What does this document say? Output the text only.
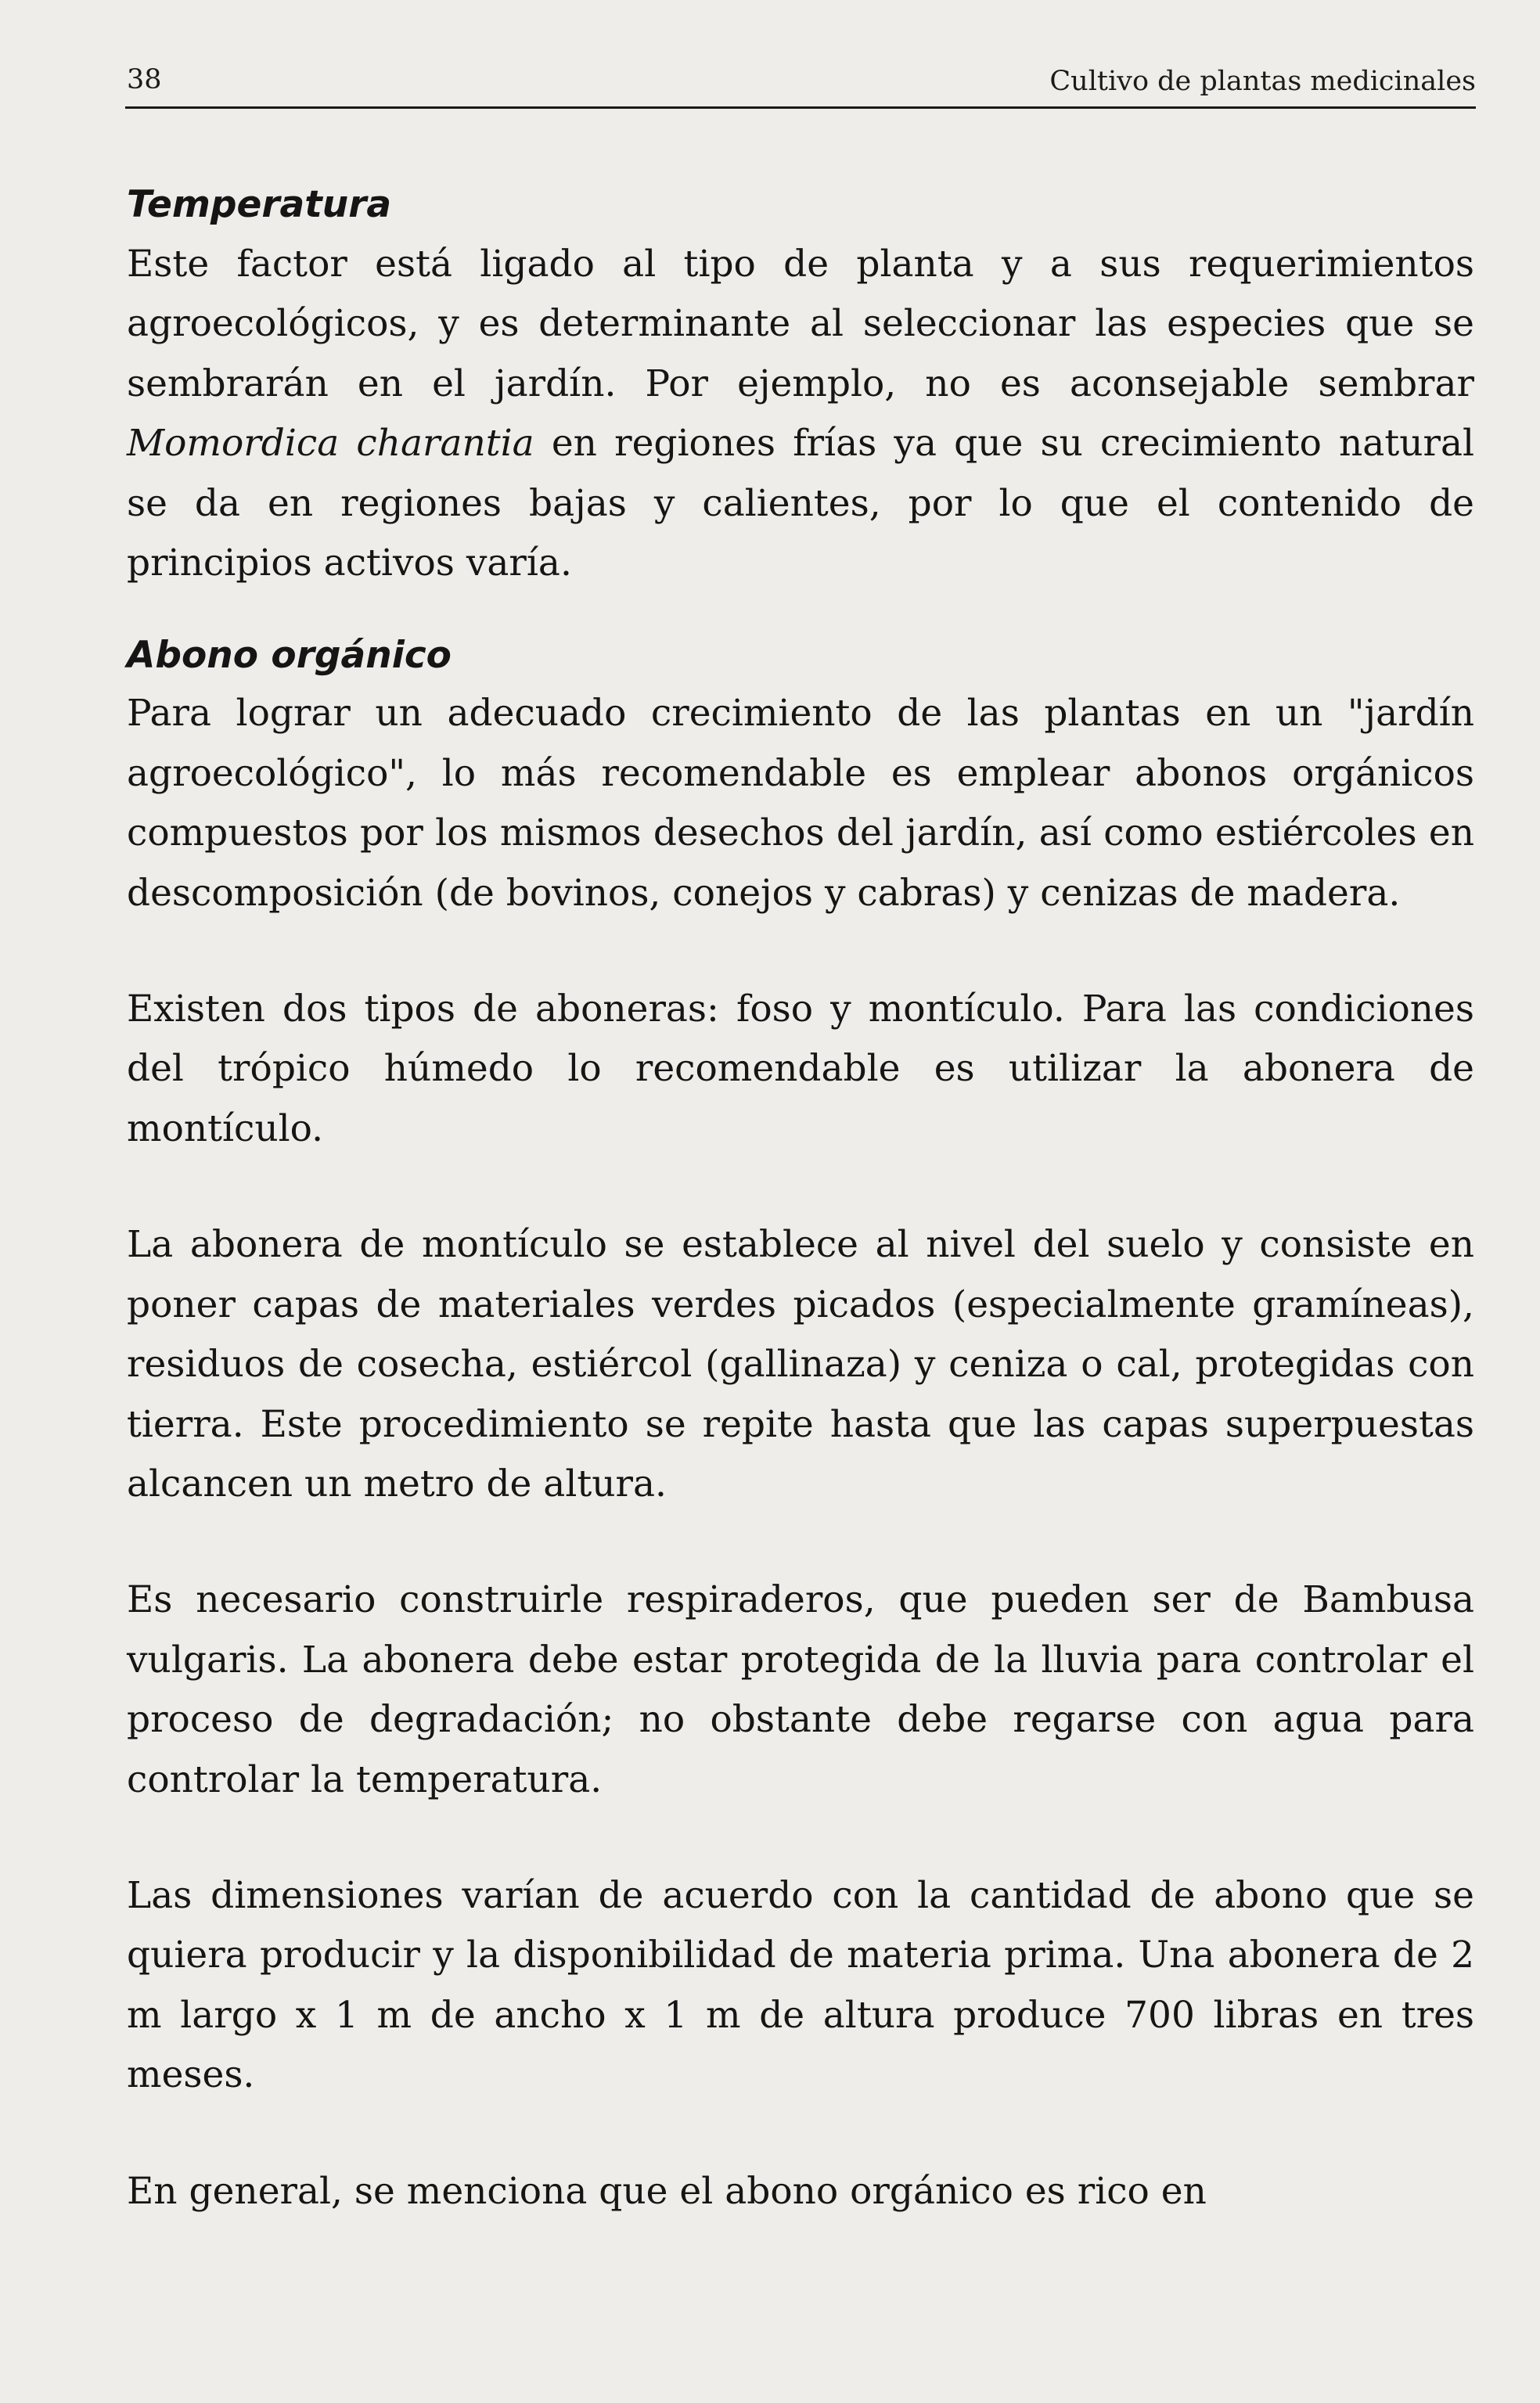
38	Cultivo de plantas medicinales
Temperatura

Este factor está ligado al tipo de planta y a sus requerimientos agroecológicos, y es determinante al seleccionar las especies que se sembrarán en el jardín. Por ejemplo, no es aconsejable sembrar Momordica charantia en regiones frías ya que su crecimiento natural se da en regiones bajas y calientes, por lo que el contenido de principios activos varía.

Abono orgánico

Para lograr un adecuado crecimiento de las plantas en un "jardín agroecológico", lo más recomendable es emplear abonos orgánicos compuestos por los mismos desechos del jardín, así como estiércoles en descomposición (de bovinos, conejos y cabras) y cenizas de madera.

Existen dos tipos de aboneras: foso y montículo. Para las condiciones del trópico húmedo lo recomendable es utilizar la abonera de montículo.

La abonera de montículo se establece al nivel del suelo y consiste en poner capas de materiales verdes picados (especialmente gramíneas), residuos de cosecha, estiércol (gallinaza) y ceniza o cal, protegidas con tierra. Este procedimiento se repite hasta que las capas superpuestas alcancen un metro de altura.

Es necesario construirle respiraderos, que pueden ser de Bambusa vulgaris. La abonera debe estar protegida de la lluvia para controlar el proceso de degradación; no obstante debe regarse con agua para controlar la temperatura.

Las dimensiones varían de acuerdo con la cantidad de abono que se quiera producir y la disponibilidad de materia prima. Una abonera de 2 m largo x 1 m de ancho x 1 m de altura produce 700 libras en tres meses.

En general, se menciona que el abono orgánico es rico en
